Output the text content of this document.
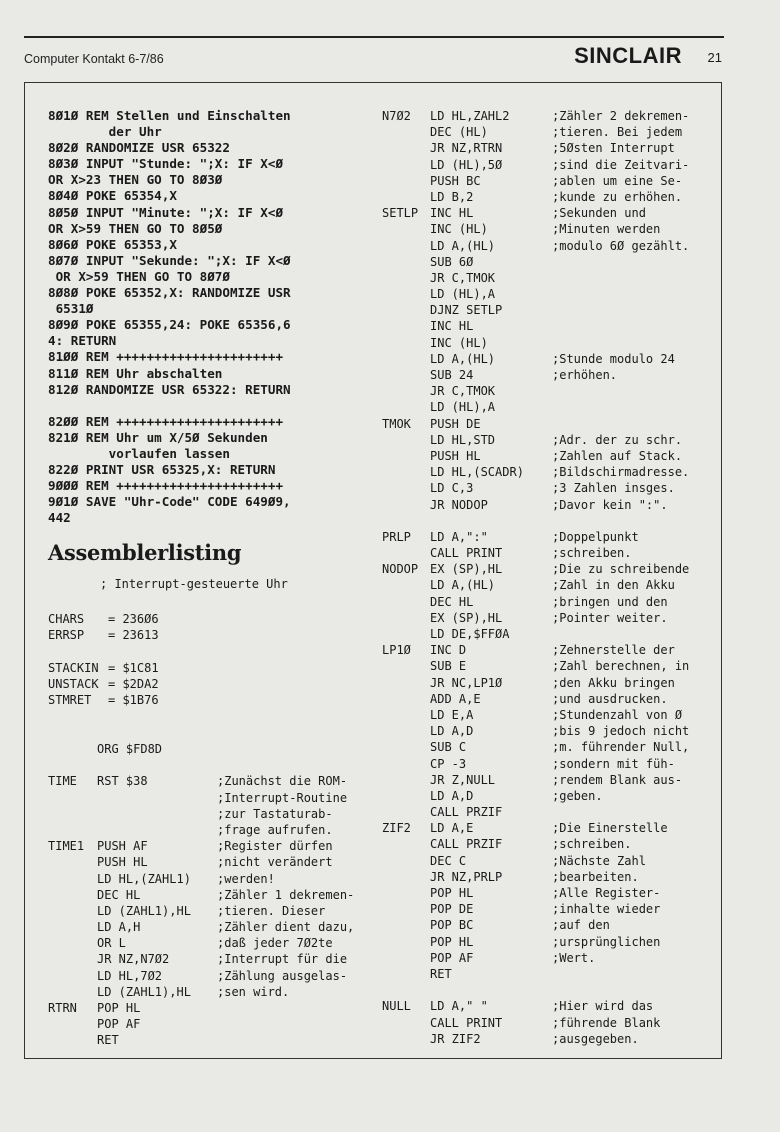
Computer Kontakt 6-7/86	SINCLAIR 21
8Ø1Ø REM Stellen und Einschalten
der Uhr
8Ø2Ø RANDOMIZE USR 65322
8Ø3Ø INPUT "Stunde: ";X: IF X<Ø
OR X>23 THEN GO TO 8Ø3Ø
8Ø4Ø POKE 65354,X
8Ø5Ø INPUT "Minute: ";X: IF X<Ø
OR X>59 THEN GO TO 8Ø5Ø
8Ø6Ø POKE 65353,X
8Ø7Ø INPUT "Sekunde: ";X: IF X<Ø
OR X>59 THEN GO TO 8Ø7Ø
8Ø8Ø POKE 65352,X: RANDOMIZE USR
6531Ø
8Ø9Ø POKE 65355,24: POKE 65356,6
4: RETURN
81ØØ REM ++++++++++++++++++++++
811Ø REM Uhr abschalten
812Ø RANDOMIZE USR 65322: RETURN
82ØØ REM ++++++++++++++++++++++
821Ø REM Uhr um X/5Ø Sekunden
vorlaufen lassen
822Ø PRINT USR 65325,X: RETURN
9ØØØ REM ++++++++++++++++++++++
9Ø1Ø SAVE "Uhr-Code" CODE 649Ø9,
442
Assemblerlisting
; Interrupt-gesteuerte Uhr
CHARS = 236Ø6
ERRSP = 23613
STACKIN = $1C81
UNSTACK = $2DA2
STMRET = $1B76
ORG $FD8D
TIME RST $38	;Zunächst die ROM-
;Interrupt-Routine
;zur Tastaturab-
;frage aufrufen.
TIME1 PUSH AF	;Register dürfen
PUSH HL	;nicht verändert
LD HL,(ZAHL1) ;werden!
DEC HL	;Zähler 1 dekremen-
LD (ZAHL1),HL ;tieren. Dieser
LD A,H	;Zähler dient dazu,
OR L	;daß jeder 7Ø2te
JR NZ,N7Ø2	;Interrupt für die
LD HL,7Ø2	;Zählung ausgelas-
LD (ZAHL1),HL ;sen wird.
RTRN POP HL
POP AF
RET
N7Ø2 LD HL,ZAHL2	;Zähler 2 dekremen-
DEC (HL)	;tieren. Bei jedem
JR NZ,RTRN	;5Østen Interrupt
LD (HL),5Ø	;sind die Zeitvari-
PUSH BC	;ablen um eine Se-
LD B,2	;kunde zu erhöhen.
SETLP INC HL	;Sekunden und
INC (HL)	;Minuten werden
LD A,(HL)	;modulo 6Ø gezählt.
SUB 6Ø
JR C,TMOK
LD (HL),A
DJNZ SETLP
INC HL
INC (HL)
LD A,(HL)	;Stunde modulo 24
SUB 24	;erhöhen.
JR C,TMOK
LD (HL),A
TMOK PUSH DE
LD HL,STD	;Adr. der zu schr.
PUSH HL	;Zahlen auf Stack.
LD HL,(SCADR) ;Bildschirmadresse.
LD C,3	;3 Zahlen insges.
JR NODOP	;Davor kein ":".
PRLP LD A,":"	;Doppelpunkt
CALL PRINT	;schreiben.
NODOP EX (SP),HL	;Die zu schreibende
LD A,(HL)	;Zahl in den Akku
DEC HL	;bringen und den
EX (SP),HL	;Pointer weiter.
LD DE,$FFØA
LP1Ø INC D	;Zehnerstelle der
SUB E	;Zahl berechnen, in
JR NC,LP1Ø	;den Akku bringen
ADD A,E	;und ausdrucken.
LD E,A	;Stundenzahl von Ø
LD A,D	;bis 9 jedoch nicht
SUB C	;m. führender Null,
CP -3	;sondern mit füh-
JR Z,NULL	;rendem Blank aus-
LD A,D	;geben.
CALL PRZIF
ZIF2 LD A,E	;Die Einerstelle
CALL PRZIF	;schreiben.
DEC C	;Nächste Zahl
JR NZ,PRLP	;bearbeiten.
POP HL	;Alle Register-
POP DE	;inhalte wieder
POP BC	;auf den
POP HL	;ursprünglichen
POP AF	;Wert.
RET
NULL LD A," "	;Hier wird das
CALL PRINT	;führende Blank
JR ZIF2	;ausgegeben.
